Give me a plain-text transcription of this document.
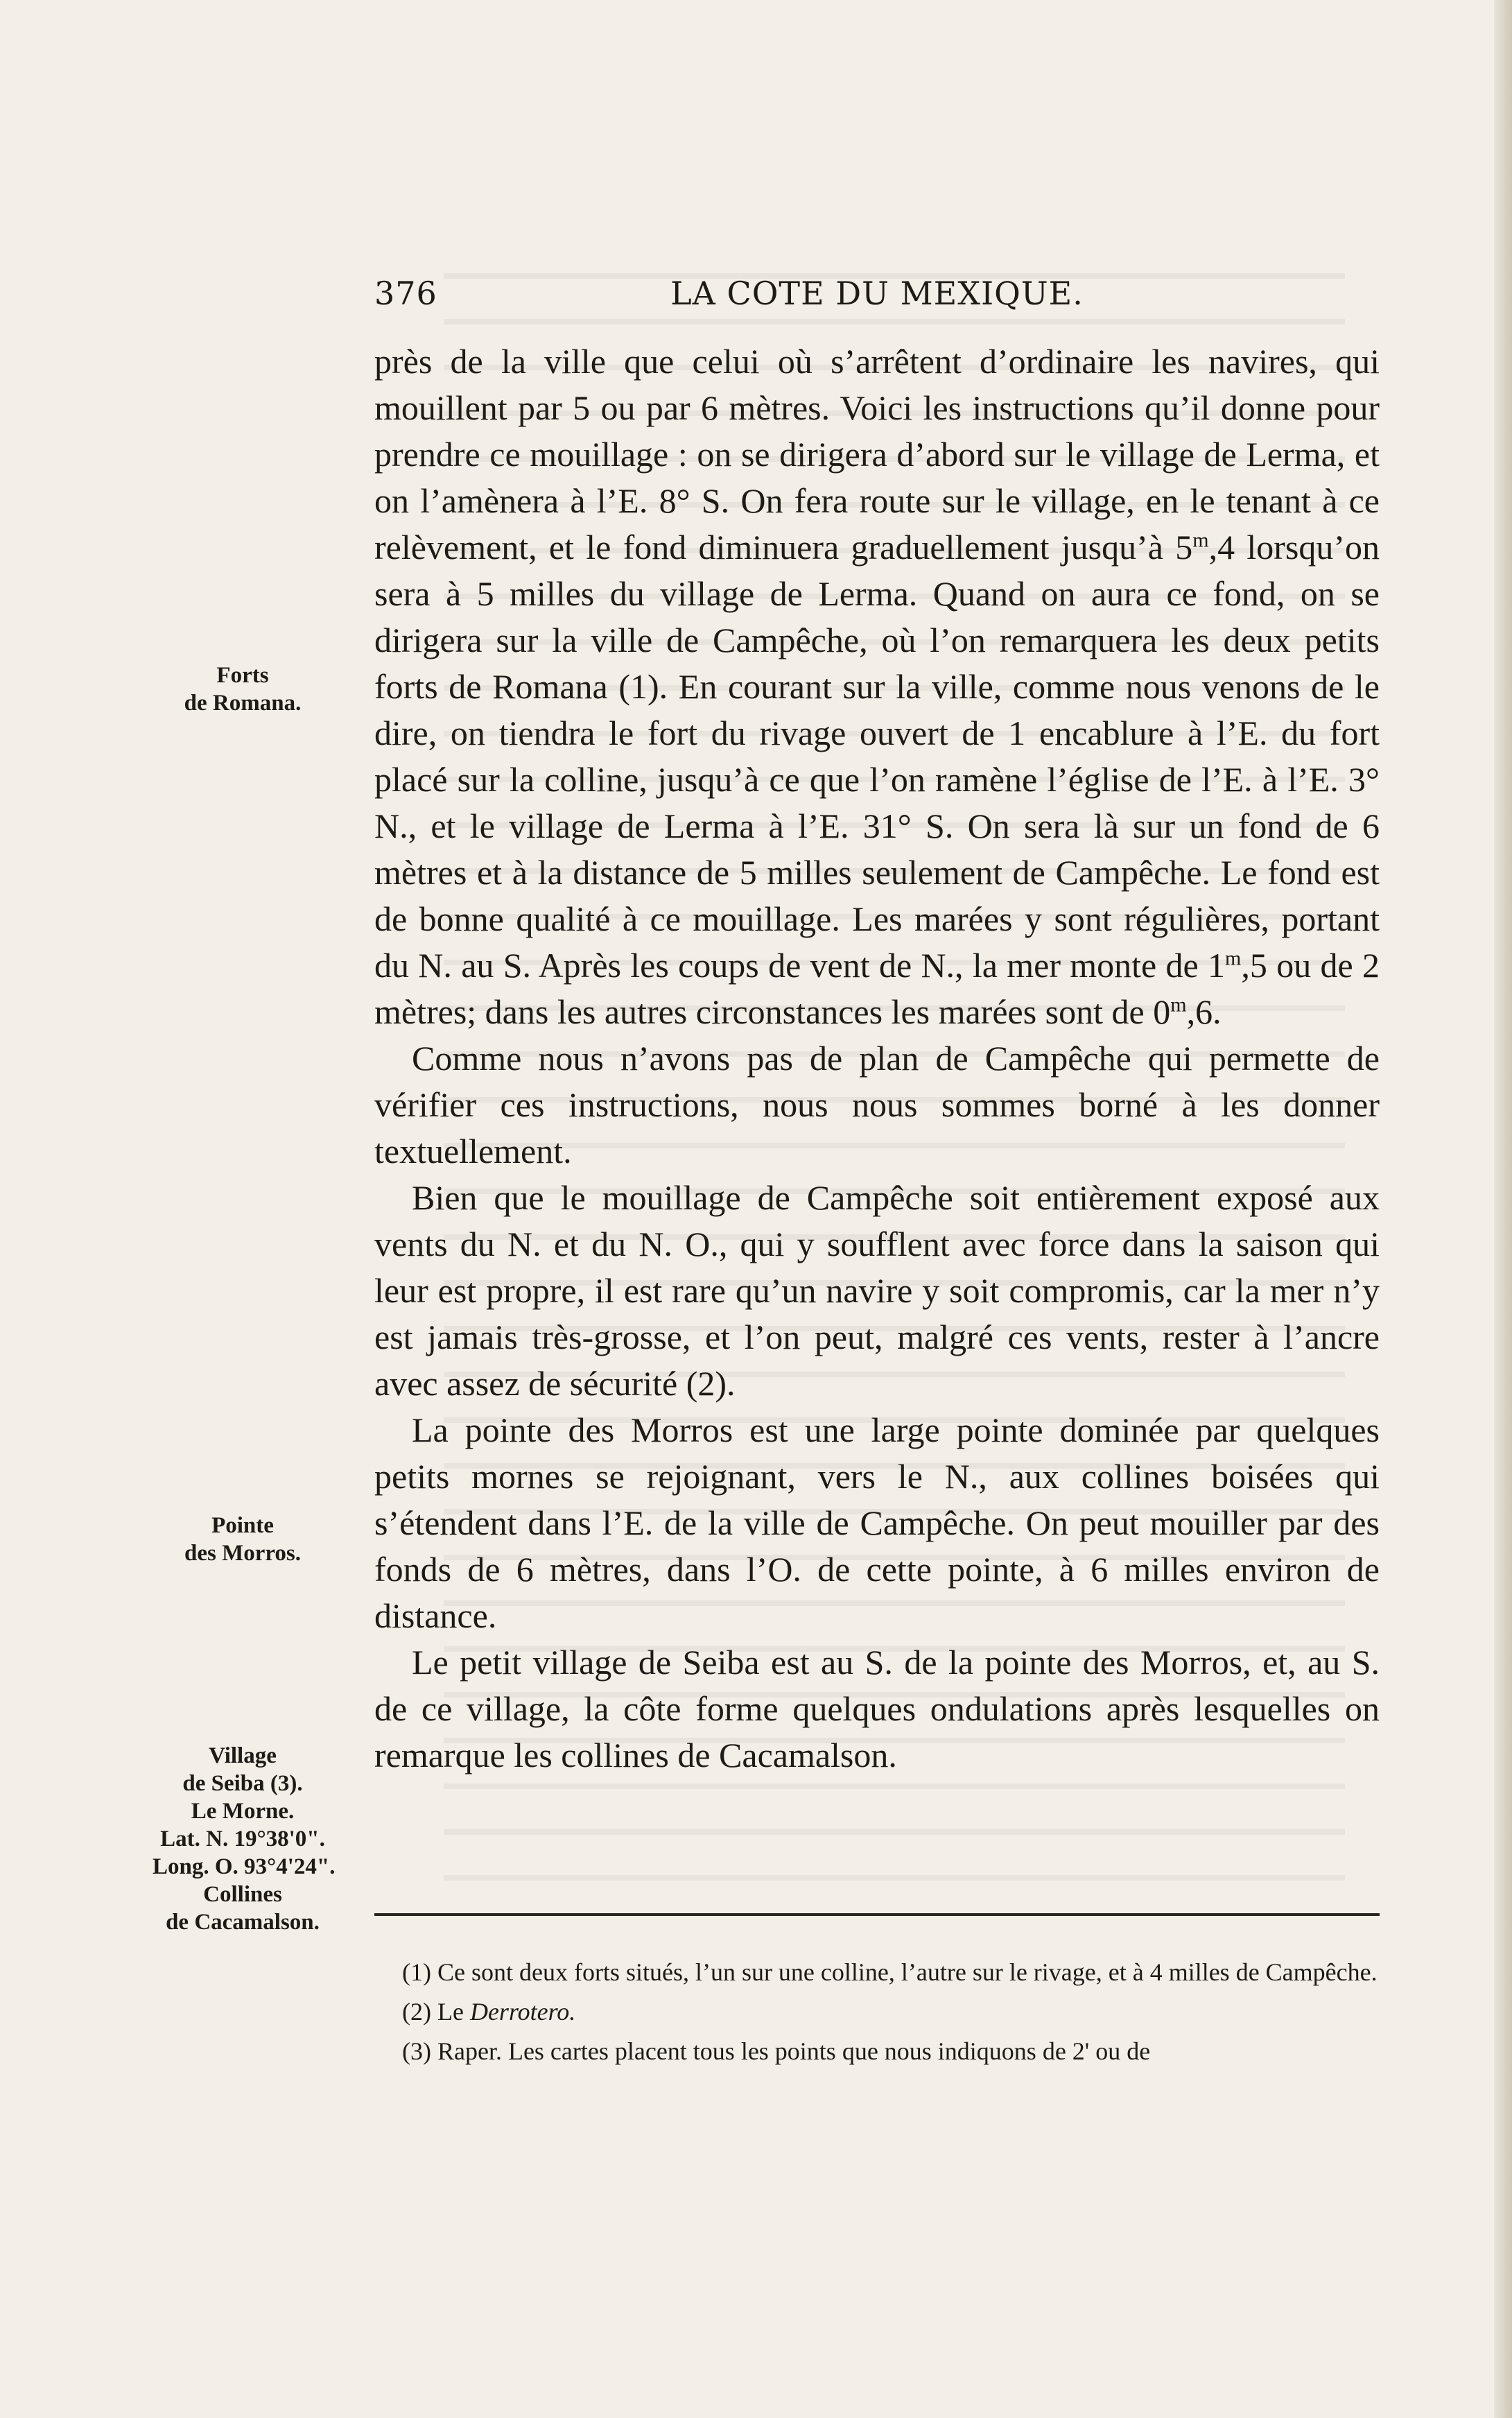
376	LA COTE DU MEXIQUE.
Forts
de Romana.
Pointe
des Morros.
Village
de Seiba (3).
Le Morne.
Lat. N. 19°38'0".
Long. O. 93°4'24".
Collines
de Cacamalson.

près de la ville que celui où s’arrêtent d’ordinaire les navires, qui mouillent par 5 ou par 6 mètres. Voici les instructions qu’il donne pour prendre ce mouillage : on se dirigera d’abord sur le village de Lerma, et on l’amènera à l’E. 8° S. On fera route sur le village, en le tenant à ce relèvement, et le fond diminuera graduellement jusqu’à 5$^m$,4 lorsqu’on sera à 5 milles du village de Lerma. Quand on aura ce fond, on se dirigera sur la ville de Campêche, où l’on remarquera les deux petits forts de Romana (1). En courant sur la ville, comme nous venons de le dire, on tiendra le fort du rivage ouvert de 1 encablure à l’E. du fort placé sur la colline, jusqu’à ce que l’on ramène l’église de l’E. à l’E. 3° N., et le village de Lerma à l’E. 31° S. On sera là sur un fond de 6 mètres et à la distance de 5 milles seulement de Campêche. Le fond est de bonne qualité à ce mouillage. Les marées y sont régulières, portant du N. au S. Après les coups de vent de N., la mer monte de 1$^m$,5 ou de 2 mètres; dans les autres circonstances les marées sont de 0$^m$,6.

Comme nous n’avons pas de plan de Campêche qui permette de vérifier ces instructions, nous nous sommes borné à les donner textuellement.

Bien que le mouillage de Campêche soit entièrement exposé aux vents du N. et du N. O., qui y soufflent avec force dans la saison qui leur est propre, il est rare qu’un navire y soit compromis, car la mer n’y est jamais très-grosse, et l’on peut, malgré ces vents, rester à l’ancre avec assez de sécurité (2).

La pointe des Morros est une large pointe dominée par quelques petits mornes se rejoignant, vers le N., aux collines boisées qui s’étendent dans l’E. de la ville de Campêche. On peut mouiller par des fonds de 6 mètres, dans l’O. de cette pointe, à 6 milles environ de distance.

Le petit village de Seiba est au S. de la pointe des Morros, et, au S. de ce village, la côte forme quelques ondulations après lesquelles on remarque les collines de Cacamalson.

(1) Ce sont deux forts situés, l’un sur une colline, l’autre sur le rivage, et à 4 milles de Campêche.

(2) Le Derrotero.

(3) Raper. Les cartes placent tous les points que nous indiquons de 2' ou de
